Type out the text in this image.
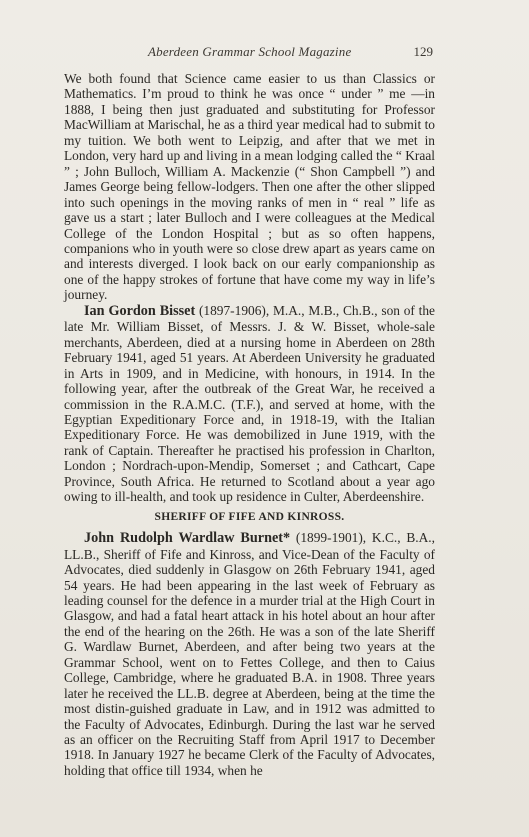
Aberdeen Grammar School Magazine	129

We both found that Science came easier to us than Classics or Mathematics. I’m proud to think he was once “ under ” me —in 1888, I being then just graduated and substituting for Professor MacWilliam at Marischal, he as a third year medical had to submit to my tuition. We both went to Leipzig, and after that we met in London, very hard up and living in a mean lodging called the “ Kraal ” ; John Bulloch, William A. Mackenzie (“ Shon Campbell ”) and James George being fellow-lodgers. Then one after the other slipped into such openings in the moving ranks of men in “ real ” life as gave us a start ; later Bulloch and I were colleagues at the Medical College of the London Hospital ; but as so often happens, companions who in youth were so close drew apart as years came on and interests diverged. I look back on our early companionship as one of the happy strokes of fortune that have come my way in life’s journey.

Ian Gordon Bisset (1897-1906), M.A., M.B., Ch.B., son of the late Mr. William Bisset, of Messrs. J. & W. Bisset, whole-sale merchants, Aberdeen, died at a nursing home in Aberdeen on 28th February 1941, aged 51 years. At Aberdeen University he graduated in Arts in 1909, and in Medicine, with honours, in 1914. In the following year, after the outbreak of the Great War, he received a commission in the R.A.M.C. (T.F.), and served at home, with the Egyptian Expeditionary Force and, in 1918-19, with the Italian Expeditionary Force. He was demobilized in June 1919, with the rank of Captain. Thereafter he practised his profession in Charlton, London ; Nordrach-upon-Mendip, Somerset ; and Cathcart, Cape Province, South Africa. He returned to Scotland about a year ago owing to ill-health, and took up residence in Culter, Aberdeenshire.

SHERIFF OF FIFE AND KINROSS.

John Rudolph Wardlaw Burnet* (1899-1901), K.C., B.A., LL.B., Sheriff of Fife and Kinross, and Vice-Dean of the Faculty of Advocates, died suddenly in Glasgow on 26th February 1941, aged 54 years. He had been appearing in the last week of February as leading counsel for the defence in a murder trial at the High Court in Glasgow, and had a fatal heart attack in his hotel about an hour after the end of the hearing on the 26th. He was a son of the late Sheriff G. Wardlaw Burnet, Aberdeen, and after being two years at the Grammar School, went on to Fettes College, and then to Caius College, Cambridge, where he graduated B.A. in 1908. Three years later he received the LL.B. degree at Aberdeen, being at the time the most distin-guished graduate in Law, and in 1912 was admitted to the Faculty of Advocates, Edinburgh. During the last war he served as an officer on the Recruiting Staff from April 1917 to December 1918. In January 1927 he became Clerk of the Faculty of Advocates, holding that office till 1934, when he
